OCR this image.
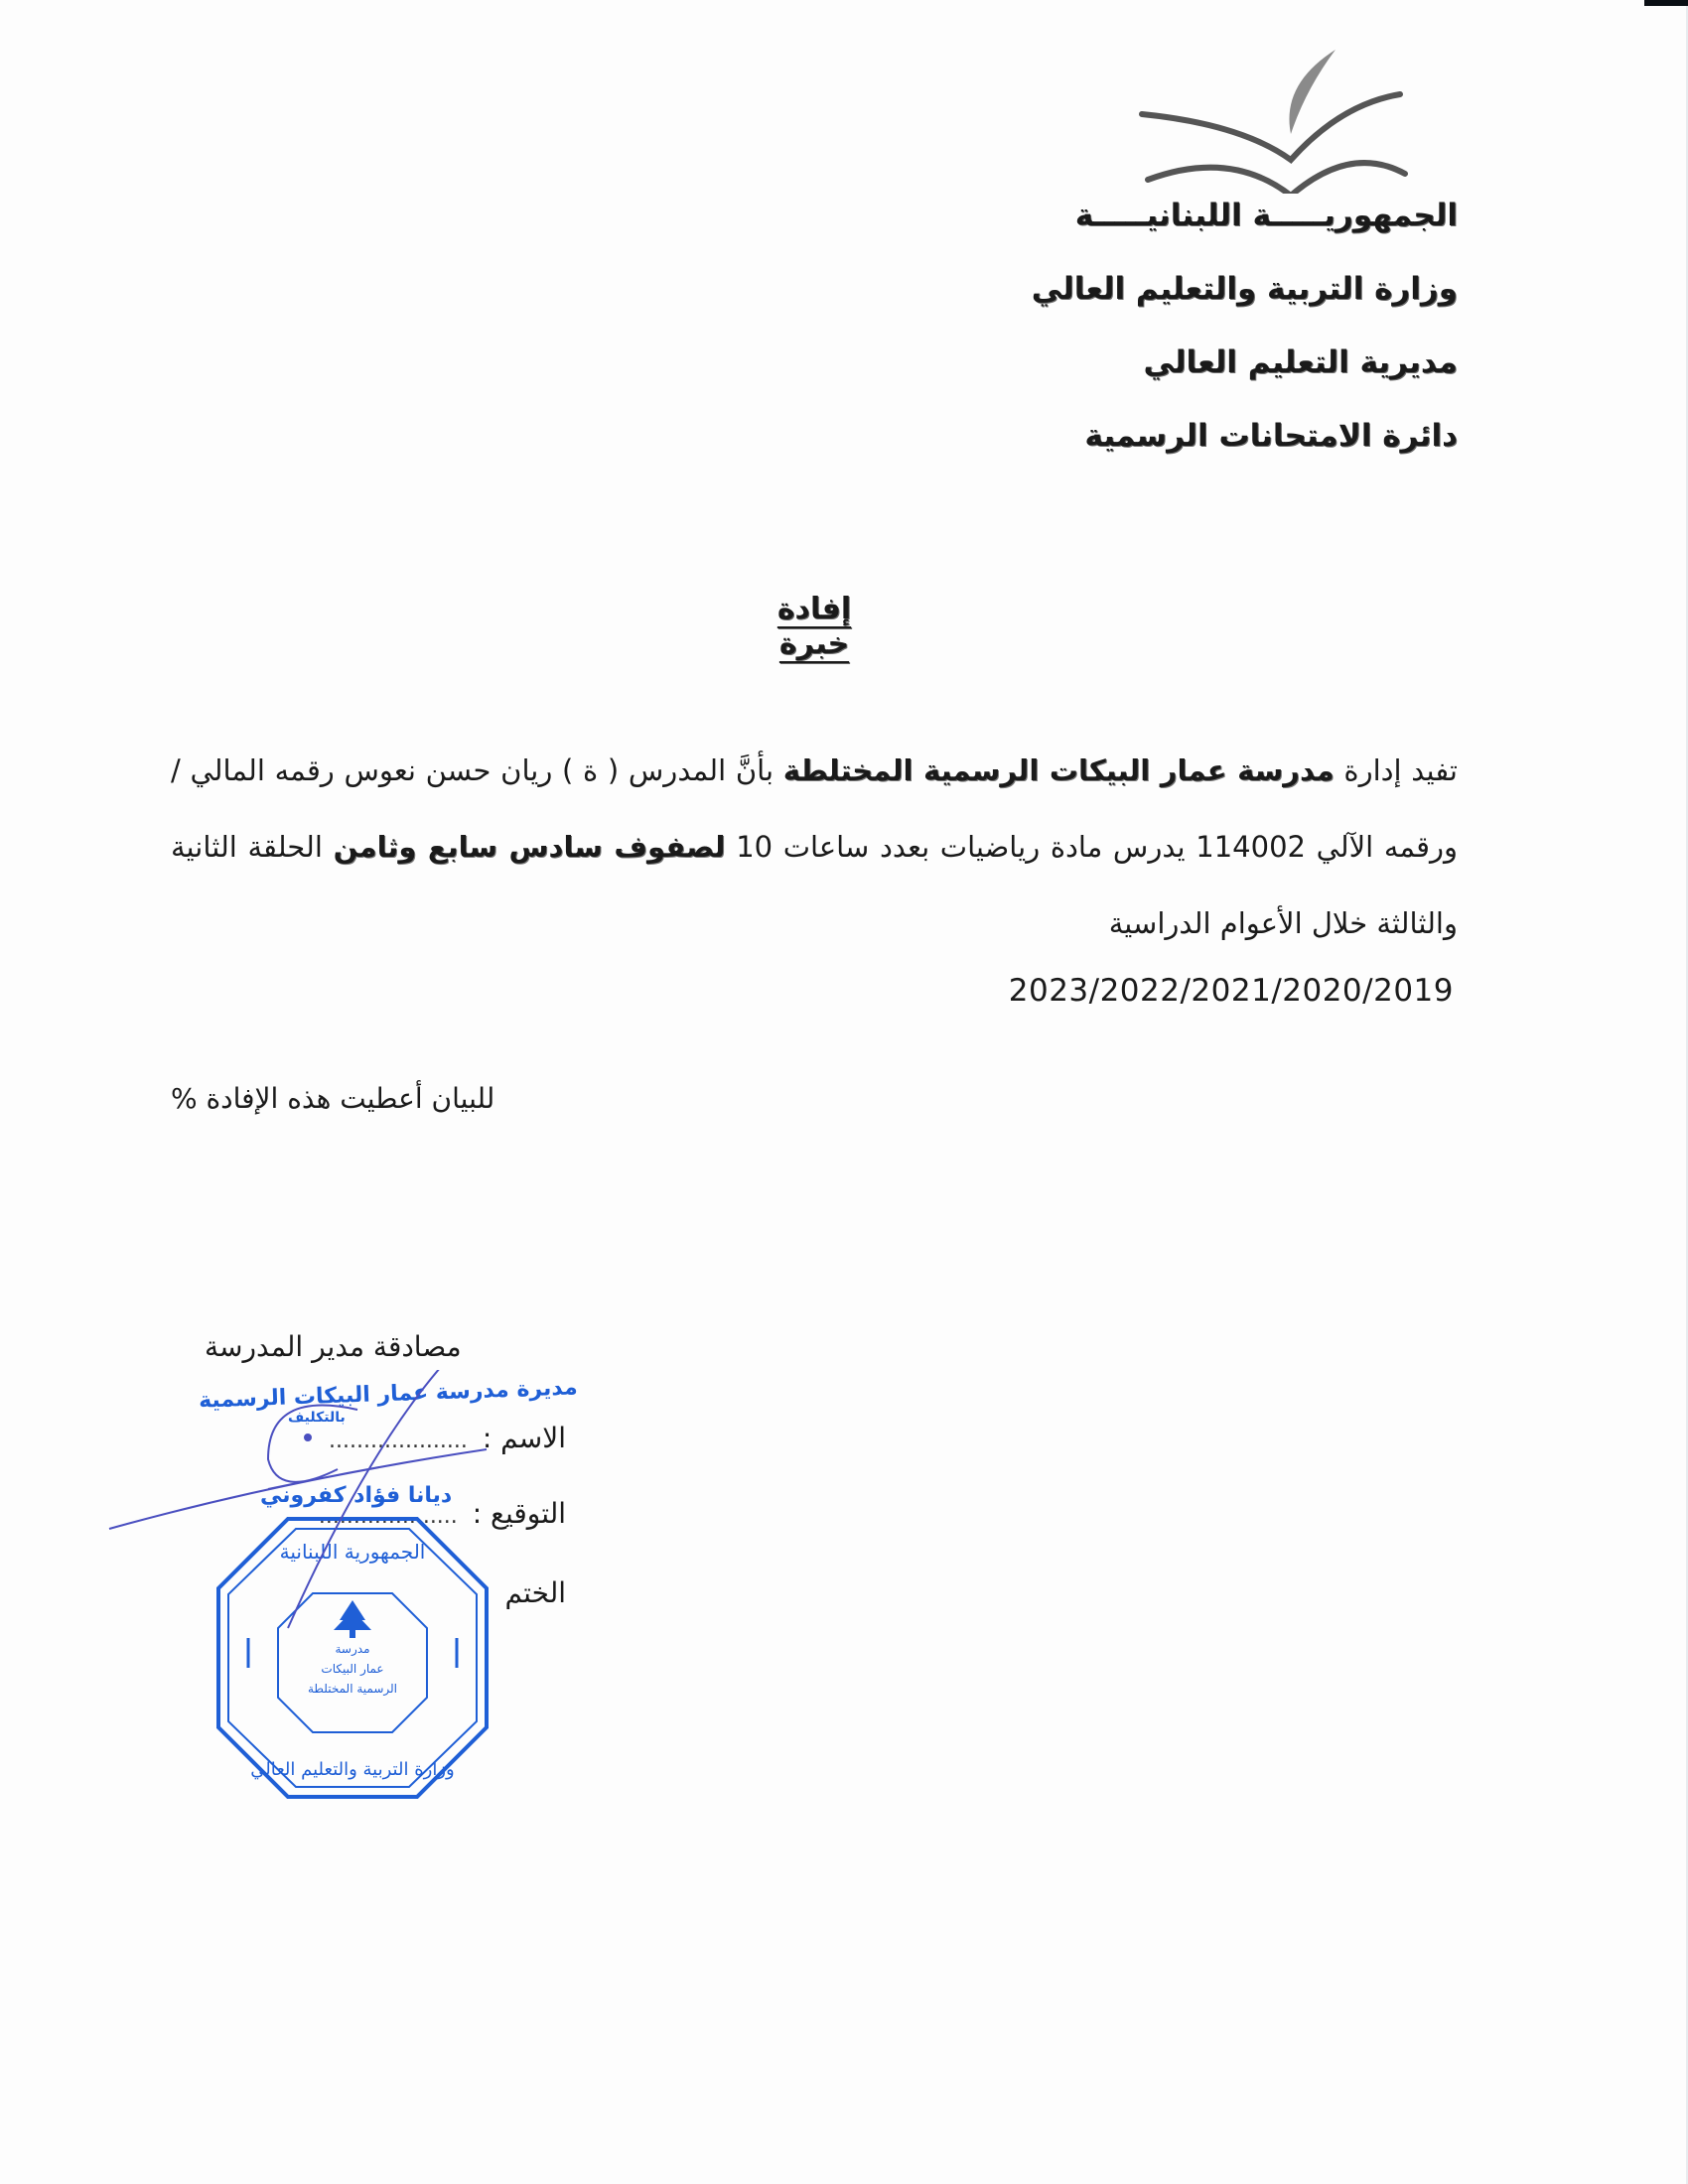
الجمهوريـــــة اللبنانيـــــة
وزارة التربية والتعليم العالي
مديرية التعليم العالي
دائرة الامتحانات الرسمية
إفادة خبرة
تفيد إدارة مدرسة عمار البيكات الرسمية المختلطة بأنَّ المدرس ( ة ) ريان حسن نعوس رقمه المالي / ورقمه الآلي 114002 يدرس مادة رياضيات بعدد ساعات 10 لصفوف سادس سابع وثامن الحلقة الثانية والثالثة خلال الأعوام الدراسية
2023/2022/2021/2020/2019
للبيان أعطيت هذه الإفادة %
مصادقة مدير المدرسة
الاسم : ....................
التوقيع : ....................
الختم
مديرة مدرسة عمار البيكات الرسمية
بالتكليف
ديانا فؤاد كفروني
الجمهورية اللبنانية
وزارة التربية والتعليم العالي
مدرسة
عمار البيكات
الرسمية المختلطة
